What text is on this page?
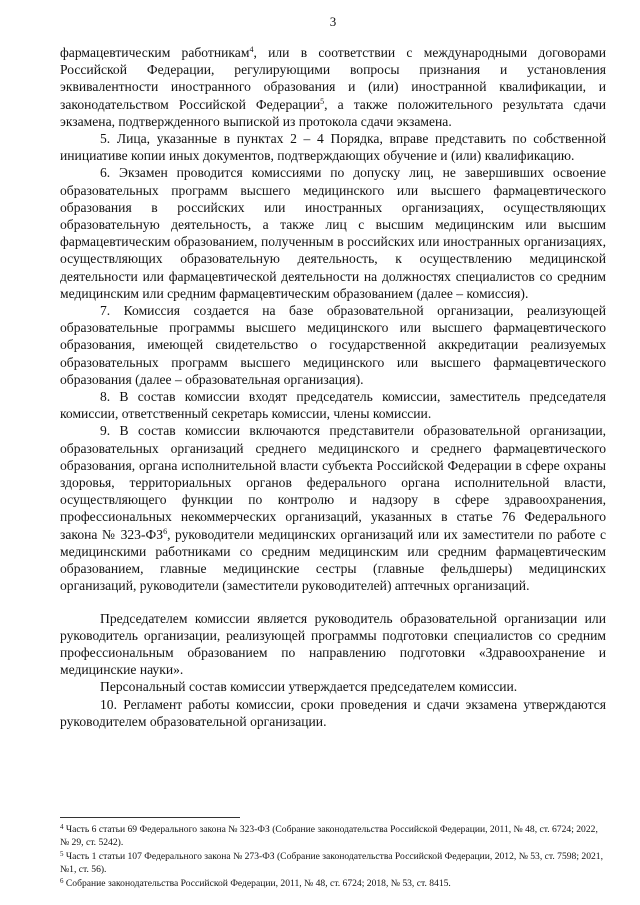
3

фармацевтическим работникам$^4$, или в соответствии с международными договорами Российской Федерации, регулирующими вопросы признания и установления эквивалентности иностранного образования и (или) иностранной квалификации, и законодательством Российской Федерации$^5$, а также положительного результата сдачи экзамена, подтвержденного выпиской из протокола сдачи экзамена.

5. Лица, указанные в пунктах 2 – 4 Порядка, вправе представить по собственной инициативе копии иных документов, подтверждающих обучение и (или) квалификацию.

6. Экзамен проводится комиссиями по допуску лиц, не завершивших освоение образовательных программ высшего медицинского или высшего фармацевтического образования в российских или иностранных организациях, осуществляющих образовательную деятельность, а также лиц с высшим медицинским или высшим фармацевтическим образованием, полученным в российских или иностранных организациях, осуществляющих образовательную деятельность, к осуществлению медицинской деятельности или фармацевтической деятельности на должностях специалистов со средним медицинским или средним фармацевтическим образованием (далее – комиссия).

7. Комиссия создается на базе образовательной организации, реализующей образовательные программы высшего медицинского или высшего фармацевтического образования, имеющей свидетельство о государственной аккредитации реализуемых образовательных программ высшего медицинского или высшего фармацевтического образования (далее – образовательная организация).

8. В состав комиссии входят председатель комиссии, заместитель председателя комиссии, ответственный секретарь комиссии, члены комиссии.

9. В состав комиссии включаются представители образовательной организации, образовательных организаций среднего медицинского и среднего фармацевтического образования, органа исполнительной власти субъекта Российской Федерации в сфере охраны здоровья, территориальных органов федерального органа исполнительной власти, осуществляющего функции по контролю и надзору в сфере здравоохранения, профессиональных некоммерческих организаций, указанных в статье 76 Федерального закона № $323-ФЗ^6$, руководители медицинских организаций или их заместители по работе с медицинскими работниками со средним медицинским или средним фармацевтическим образованием, главные медицинские сестры (главные фельдшеры) медицинских организаций, руководители (заместители руководителей) аптечных организаций.

Председателем комиссии является руководитель образовательной организации или руководитель организации, реализующей программы подготовки специалистов со средним профессиональным образованием по направлению подготовки «Здравоохранение и медицинские науки».

Персональный состав комиссии утверждается председателем комиссии.

10. Регламент работы комиссии, сроки проведения и сдачи экзамена утверждаются руководителем образовательной организации.

$^4$ Часть 6 статьи 69 Федерального закона № 323-ФЗ (Собрание законодательства Российской Федерации, 2011, № 48, ст. 6724; 2022, № 29, ст. 5242).
$^5$ Часть 1 статьи 107 Федерального закона № 273-ФЗ (Собрание законодательства Российской Федерации, 2012, № 53, ст. 7598; 2021, №1, ст. 56).
$^6$ Собрание законодательства Российской Федерации, 2011, № 48, ст. 6724; 2018, № 53, ст. 8415.
